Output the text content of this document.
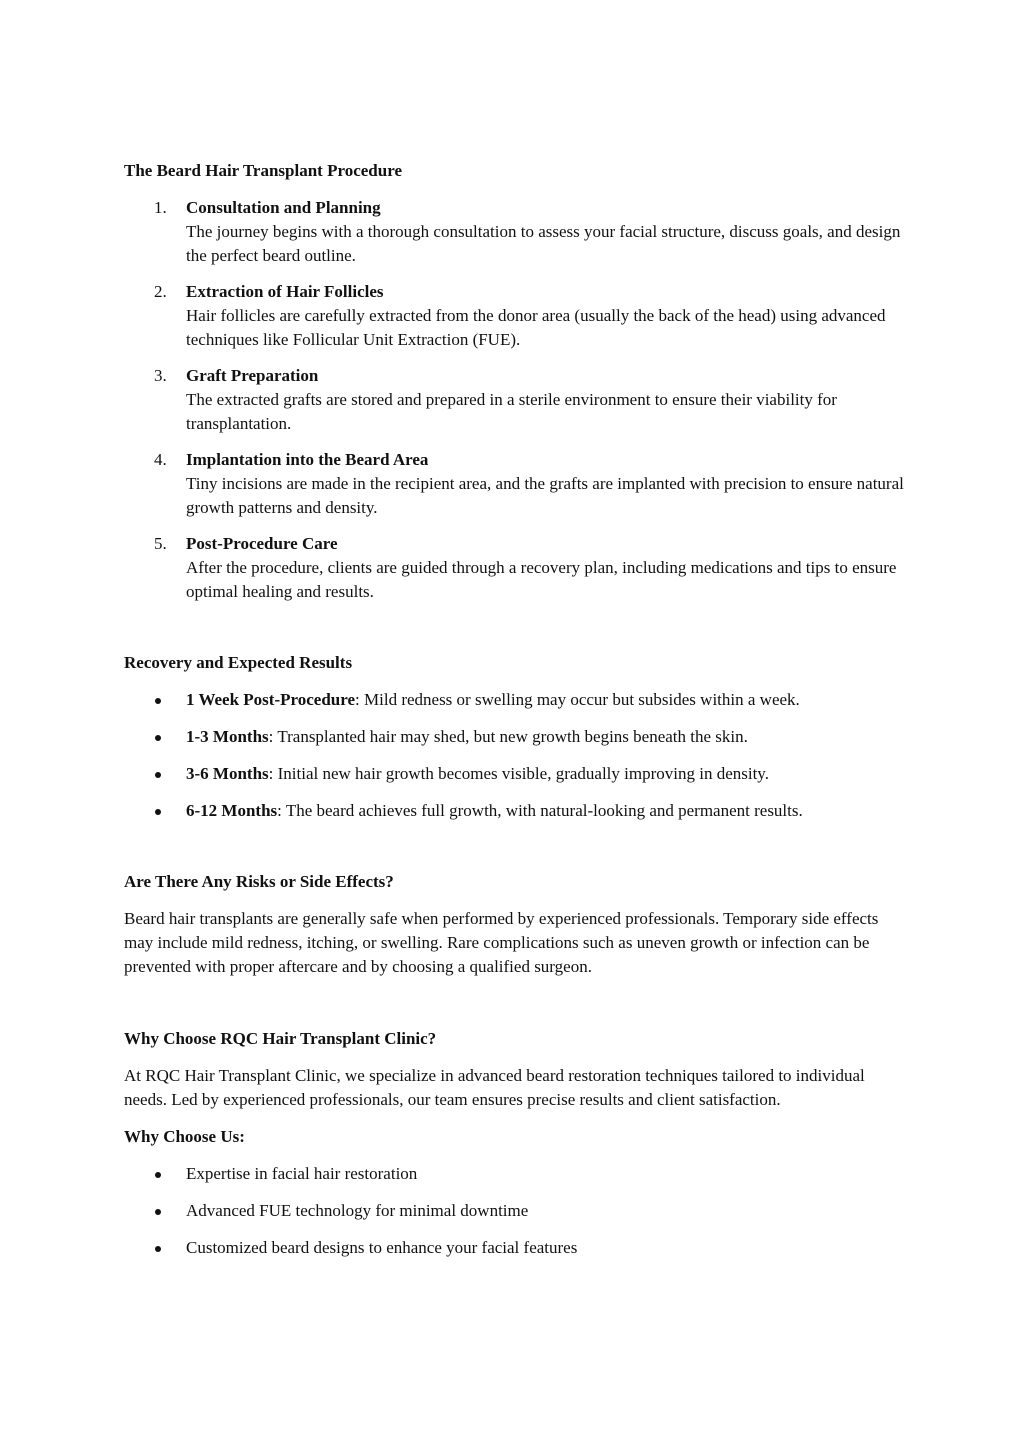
The Beard Hair Transplant Procedure
1. Consultation and Planning
The journey begins with a thorough consultation to assess your facial structure, discuss goals, and design the perfect beard outline.
2. Extraction of Hair Follicles
Hair follicles are carefully extracted from the donor area (usually the back of the head) using advanced techniques like Follicular Unit Extraction (FUE).
3. Graft Preparation
The extracted grafts are stored and prepared in a sterile environment to ensure their viability for transplantation.
4. Implantation into the Beard Area
Tiny incisions are made in the recipient area, and the grafts are implanted with precision to ensure natural growth patterns and density.
5. Post-Procedure Care
After the procedure, clients are guided through a recovery plan, including medications and tips to ensure optimal healing and results.
Recovery and Expected Results
1 Week Post-Procedure: Mild redness or swelling may occur but subsides within a week.
1-3 Months: Transplanted hair may shed, but new growth begins beneath the skin.
3-6 Months: Initial new hair growth becomes visible, gradually improving in density.
6-12 Months: The beard achieves full growth, with natural-looking and permanent results.
Are There Any Risks or Side Effects?

Beard hair transplants are generally safe when performed by experienced professionals. Temporary side effects may include mild redness, itching, or swelling. Rare complications such as uneven growth or infection can be prevented with proper aftercare and by choosing a qualified surgeon.

Why Choose RQC Hair Transplant Clinic?

At RQC Hair Transplant Clinic, we specialize in advanced beard restoration techniques tailored to individual needs. Led by experienced professionals, our team ensures precise results and client satisfaction.

Why Choose Us:
Expertise in facial hair restoration
Advanced FUE technology for minimal downtime
Customized beard designs to enhance your facial features
